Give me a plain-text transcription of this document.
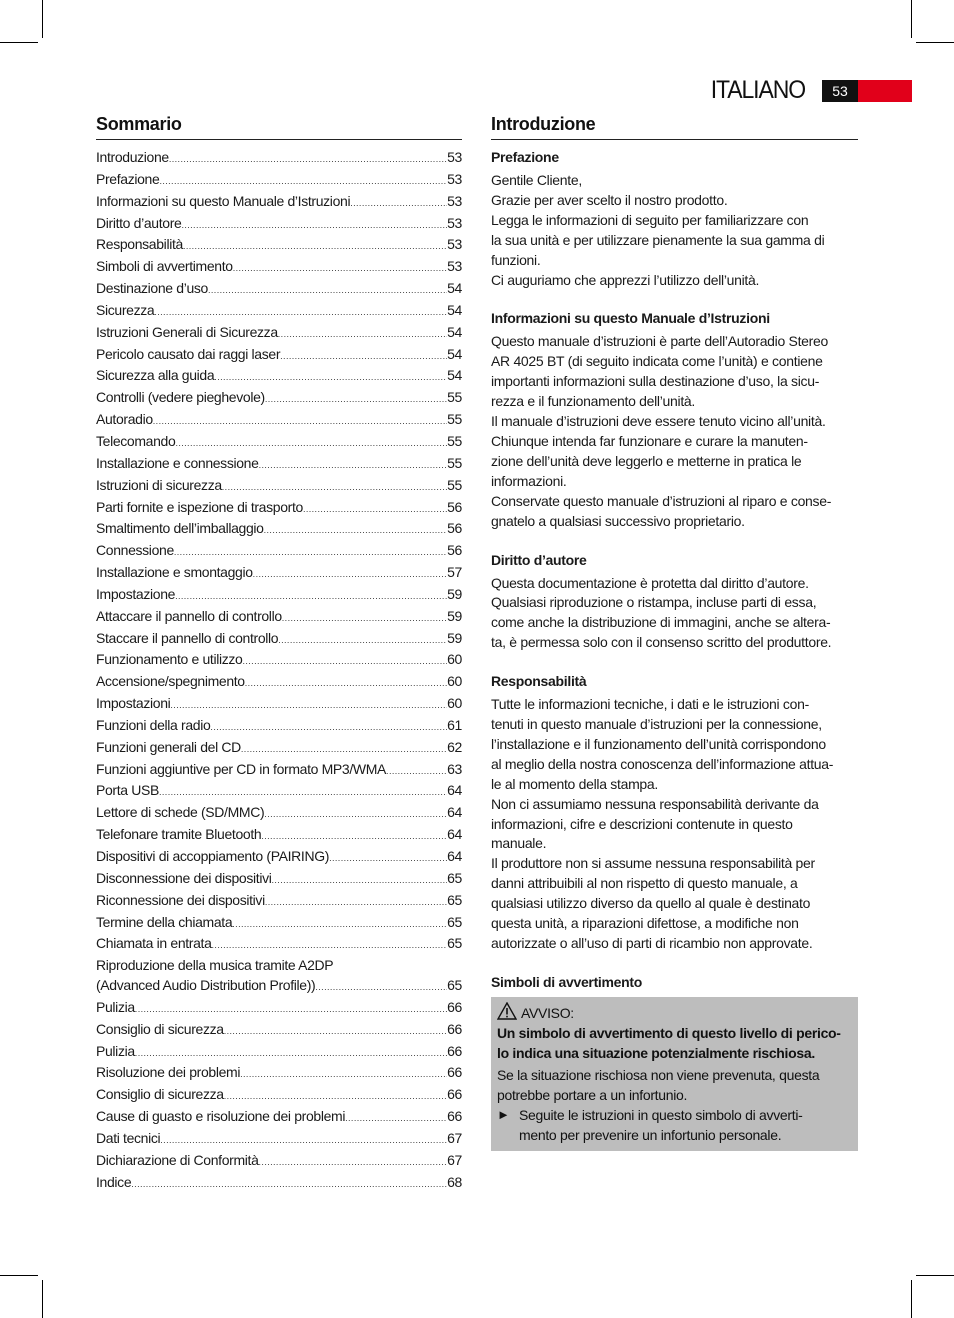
ITALIANO	53
Sommario
Introduzione .....	53
Prefazione .....	53
Informazioni su questo Manuale d’Istruzioni .....	53
Diritto d’autore .....	53
Responsabilità .....	53
Simboli di avvertimento .....	53
Destinazione d’uso .....	54
Sicurezza .....	54
Istruzioni Generali di Sicurezza .....	54
Pericolo causato dai raggi laser .....	54
Sicurezza alla guida .....	54
Controlli (vedere pieghevole) .....	55
Autoradio .....	55
Telecomando .....	55
Installazione e connessione .....	55
Istruzioni di sicurezza .....	55
Parti fornite e ispezione di trasporto .....	56
Smaltimento dell’imballaggio .....	56
Connessione .....	56
Installazione e smontaggio .....	57
Impostazione .....	59
Attaccare il pannello di controllo .....	59
Staccare il pannello di controllo .....	59
Funzionamento e utilizzo .....	60
Accensione/spegnimento .....	60
Impostazioni .....	60
Funzioni della radio .....	61
Funzioni generali del CD .....	62
Funzioni aggiuntive per CD in formato MP3/WMA .....	63
Porta USB .....	64
Lettore di schede (SD/MMC) .....	64
Telefonare tramite Bluetooth .....	64
Dispositivi di accoppiamento (PAIRING) .....	64
Disconnessione dei dispositivi .....	65
Riconnessione dei dispositivi .....	65
Termine della chiamata .....	65
Chiamata in entrata .....	65
Riproduzione della musica tramite A2DP
(Advanced Audio Distribution Profile)) .....	65
Pulizia .....	66
Consiglio di sicurezza .....	66
Pulizia .....	66
Risoluzione dei problemi .....	66
Consiglio di sicurezza .....	66
Cause di guasto e risoluzione dei problemi .....	66
Dati tecnici .....	67
Dichiarazione di Conformità .....	67
Indice .....	68
Introduzione
Prefazione
Gentile Cliente,
Grazie per aver scelto il nostro prodotto.
Legga le informazioni di seguito per familiarizzare con
la sua unità e per utilizzare pienamente la sua gamma di
funzioni.
Ci auguriamo che apprezzi l’utilizzo dell’unità.
Informazioni su questo Manuale d’Istruzioni
Questo manuale d’istruzioni è parte dell’Autoradio Stereo
AR 4025 BT (di seguito indicata come l’unità) e contiene
importanti informazioni sulla destinazione d’uso, la sicu-
rezza e il funzionamento dell’unità.
Il manuale d’istruzioni deve essere tenuto vicino all’unità.
Chiunque intenda far funzionare e curare la manuten-
zione dell’unità deve leggerlo e metterne in pratica le
informazioni.
Conservate questo manuale d’istruzioni al riparo e conse-
gnatelo a qualsiasi successivo proprietario.
Diritto d’autore
Questa documentazione è protetta dal diritto d’autore.
Qualsiasi riproduzione o ristampa, incluse parti di essa,
come anche la distribuzione di immagini, anche se altera-
ta, è permessa solo con il consenso scritto del produttore.
Responsabilità
Tutte le informazioni tecniche, i dati e le istruzioni con-
tenuti in questo manuale d’istruzioni per la connessione,
l’installazione e il funzionamento dell’unità corrispondono
al meglio della nostra conoscenza dell’informazione attua-
le al momento della stampa.
Non ci assumiamo nessuna responsabilità derivante da
informazioni, cifre e descrizioni contenute in questo
manuale.
Il produttore non si assume nessuna responsabilità per
danni attribuibili al non rispetto di questo manuale, a
qualsiasi utilizzo diverso da quello al quale è destinato
questa unità, a riparazioni difettose, a modifiche non
autorizzate o all’uso di parti di ricambio non approvate.
Simboli di avvertimento
AVVISO:
Un simbolo di avvertimento di questo livello di perico-
lo indica una situazione potenzialmente rischiosa.
Se la situazione rischiosa non viene prevenuta, questa
potrebbe portare a un infortunio.
► Seguite le istruzioni in questo simbolo di avverti-
mento per prevenire un infortunio personale.
